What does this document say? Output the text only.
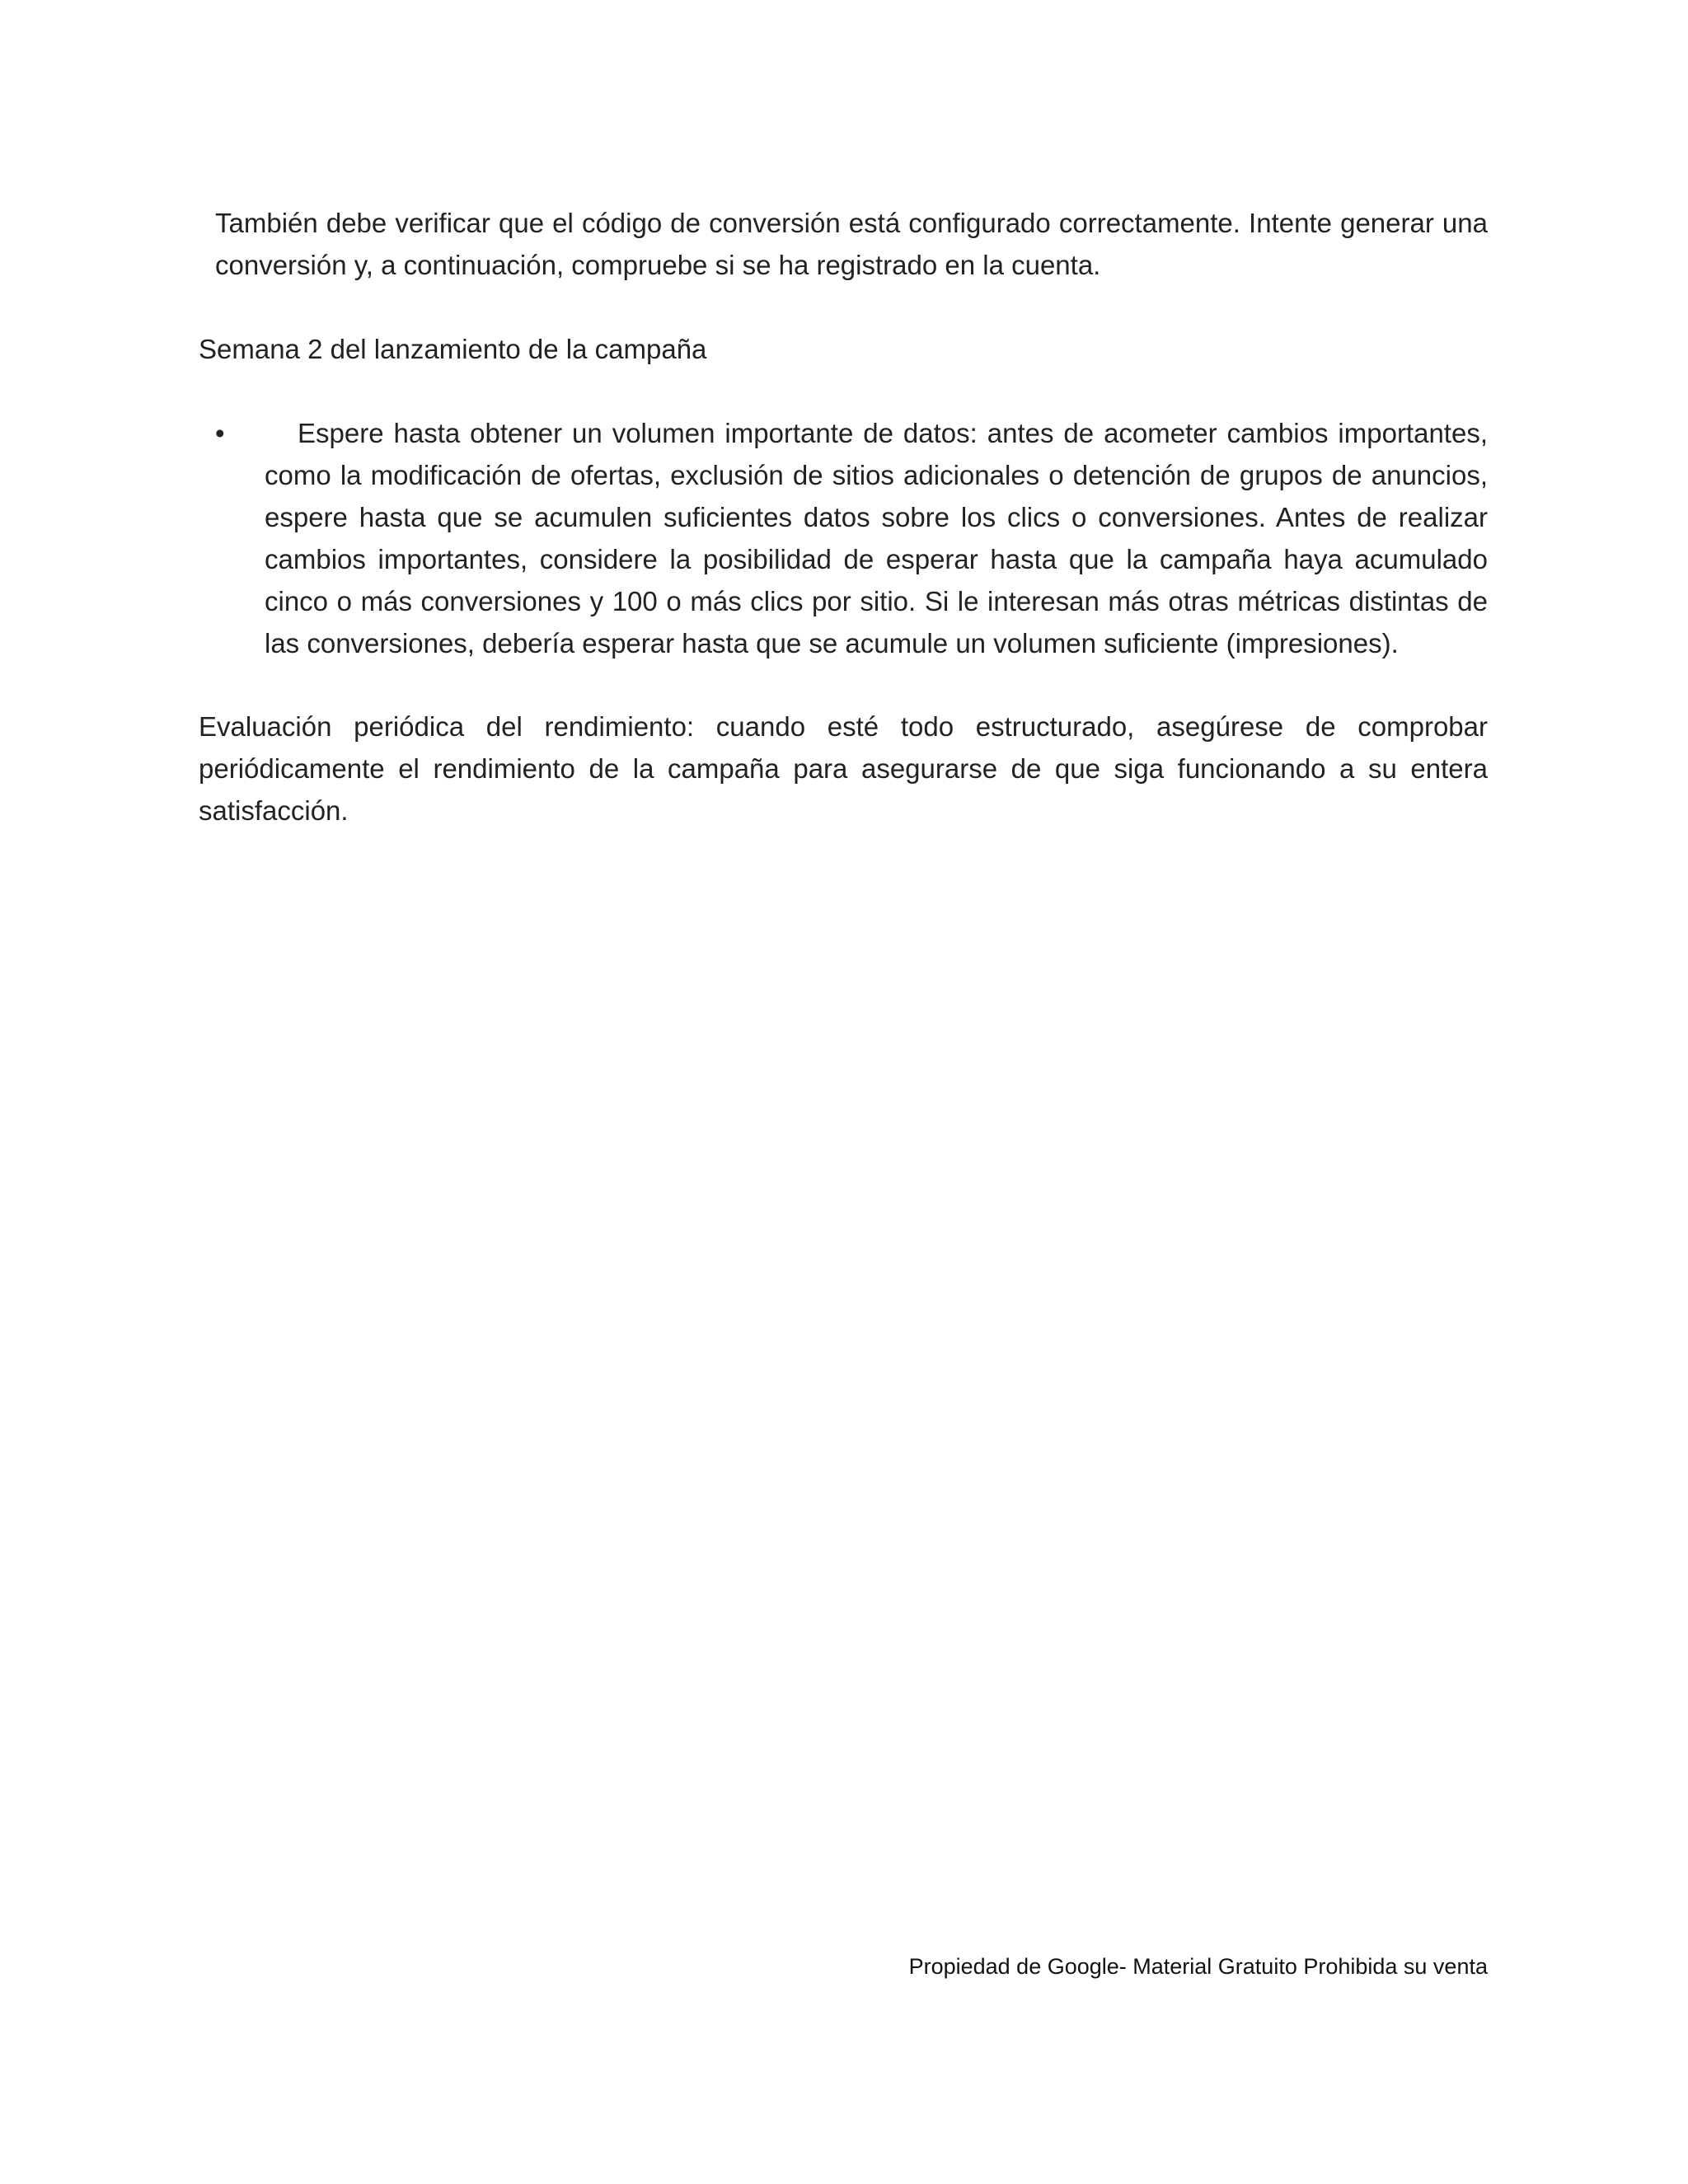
También debe verificar que el código de conversión está configurado correctamente. Intente generar una conversión y, a continuación, compruebe si se ha registrado en la cuenta.

Semana 2 del lanzamiento de la campaña

•	Espere hasta obtener un volumen importante de datos: antes de acometer cambios importantes, como la modificación de ofertas, exclusión de sitios adicionales o detención de grupos de anuncios, espere hasta que se acumulen suficientes datos sobre los clics o conversiones. Antes de realizar cambios importantes, considere la posibilidad de esperar hasta que la campaña haya acumulado cinco o más conversiones y 100 o más clics por sitio. Si le interesan más otras métricas distintas de las conversiones, debería esperar hasta que se acumule un volumen suficiente (impresiones).

Evaluación periódica del rendimiento: cuando esté todo estructurado, asegúrese de comprobar periódicamente el rendimiento de la campaña para asegurarse de que siga funcionando a su entera satisfacción.

Propiedad de Google- Material Gratuito Prohibida su venta
